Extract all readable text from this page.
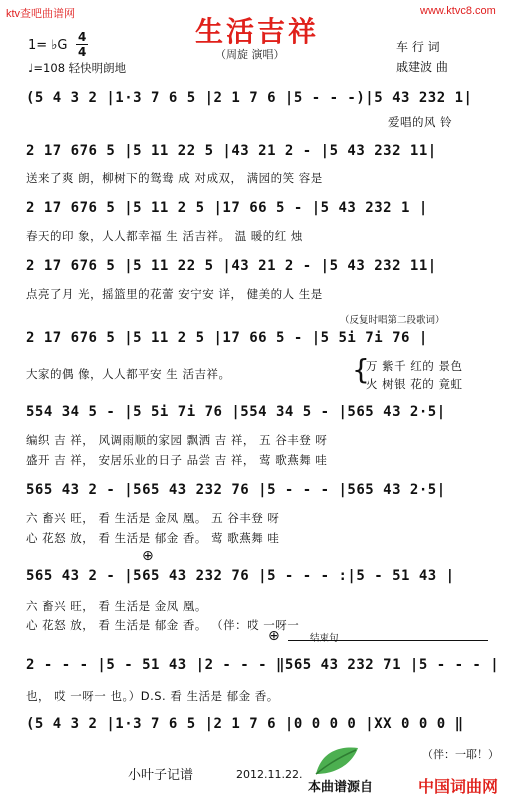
ktv查吧曲谱网	www.ktvc8.com
生活吉祥
（周旋 演唱）
1= ♭G
4
4
♩=108 轻快明朗地
车 行 词
戚建波 曲
(5 4 3 2 |1·3 7 6 5 |2 1 7 6 |5 - - -)|5 43 232 1|
爱唱的风 铃
2 17 676 5 |5 11 22 5 |43 21 2 - |5 43 232 11|
送来了爽 朗，柳树下的鸳鸯 成 对成双， 满园的笑 容是
2 17 676 5 |5 11 2 5 |17 66 5 - |5 43 232 1 |
春天的印 象，人人都幸福 生 活吉祥。 温 暖的红 烛
2 17 676 5 |5 11 22 5 |43 21 2 - |5 43 232 11|
点亮了月 光，摇篮里的花蕾 安宁安 详， 健美的人 生是
（反复时唱第二段歌词）
2 17 676 5 |5 11 2 5 |17 66 5 - |5 5i 7i 76 |
大家的偶 像，人人都平安 生 活吉祥。	{
万 紫千 红的 景色
火 树银 花的 竟虹
554 34 5 - |5 5i 7i 76 |554 34 5 - |565 43 2·5|
编织 吉 祥， 风调雨顺的家园 飘洒 吉 祥， 五 谷丰登 呀
盛开 吉 祥， 安居乐业的日子 品尝 吉 祥， 莺 歌燕舞 哇
565 43 2 - |565 43 232 76 |5 - - - |565 43 2·5|
六 畜兴 旺， 看 生活是 金凤 凰。 五 谷丰登 呀
心 花怒 放， 看 生活是 郁金 香。 莺 歌燕舞 哇
⊕
565 43 2 - |565 43 232 76 |5 - - - :|5 - 51 43 |
六 畜兴 旺， 看 生活是 金凤 凰。
心 花怒 放， 看 生活是 郁金 香。 （伴：哎 一呀一
⊕	结束句
2 - - - |5 - 51 43 |2 - - - ‖565 43 232 71 |5 - - - |
也， 哎 一呀一 也。）D.S. 看 生活是 郁金 香。
(5 4 3 2 |1·3 7 6 5 |2 1 7 6 |0 0 0 0 |XX 0 0 0 ‖
（伴：一耶！）
小叶子记谱	2012.11.22.
本曲谱源自	中国词曲网
